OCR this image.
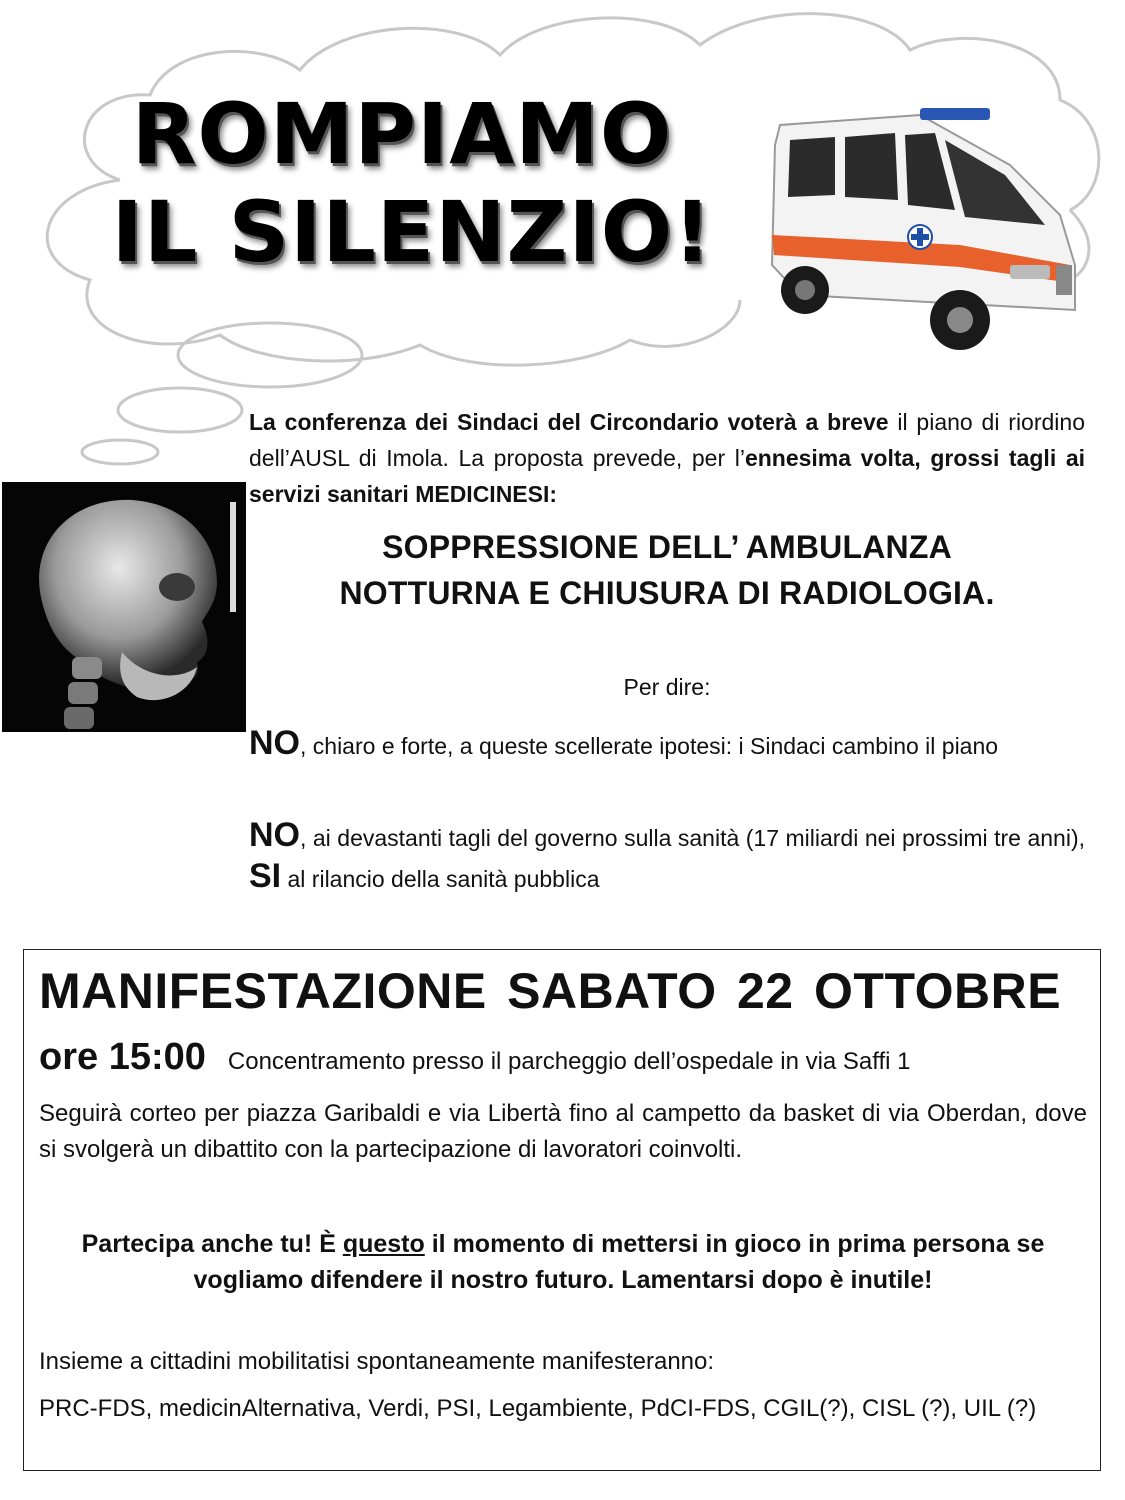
ROMPIAMO
IL SILENZIO!
La conferenza dei Sindaci del Circondario voterà a breve il piano di riordino dell’AUSL di Imola. La proposta prevede, per l’ennesima volta, grossi tagli ai servizi sanitari MEDICINESI:
SOPPRESSIONE DELL’ AMBULANZA
NOTTURNA E CHIUSURA DI RADIOLOGIA.
Per dire:
NO, chiaro e forte, a queste scellerate ipotesi: i Sindaci cambino il piano
NO, ai devastanti tagli del governo sulla sanità (17 miliardi nei prossimi tre anni), SI al rilancio della sanità pubblica
MANIFESTAZIONE SABATO 22 OTTOBRE
ore 15:00 Concentramento presso il parcheggio dell’ospedale in via Saffi 1
Seguirà corteo per piazza Garibaldi e via Libertà fino al campetto da basket di via Oberdan, dove si svolgerà un dibattito con la partecipazione di lavoratori coinvolti.
Partecipa anche tu! È questo il momento di mettersi in gioco in prima persona se vogliamo difendere il nostro futuro. Lamentarsi dopo è inutile!
Insieme a cittadini mobilitatisi spontaneamente manifesteranno:
PRC-FDS, medicinAlternativa, Verdi, PSI, Legambiente, PdCI-FDS, CGIL(?), CISL (?), UIL (?)
